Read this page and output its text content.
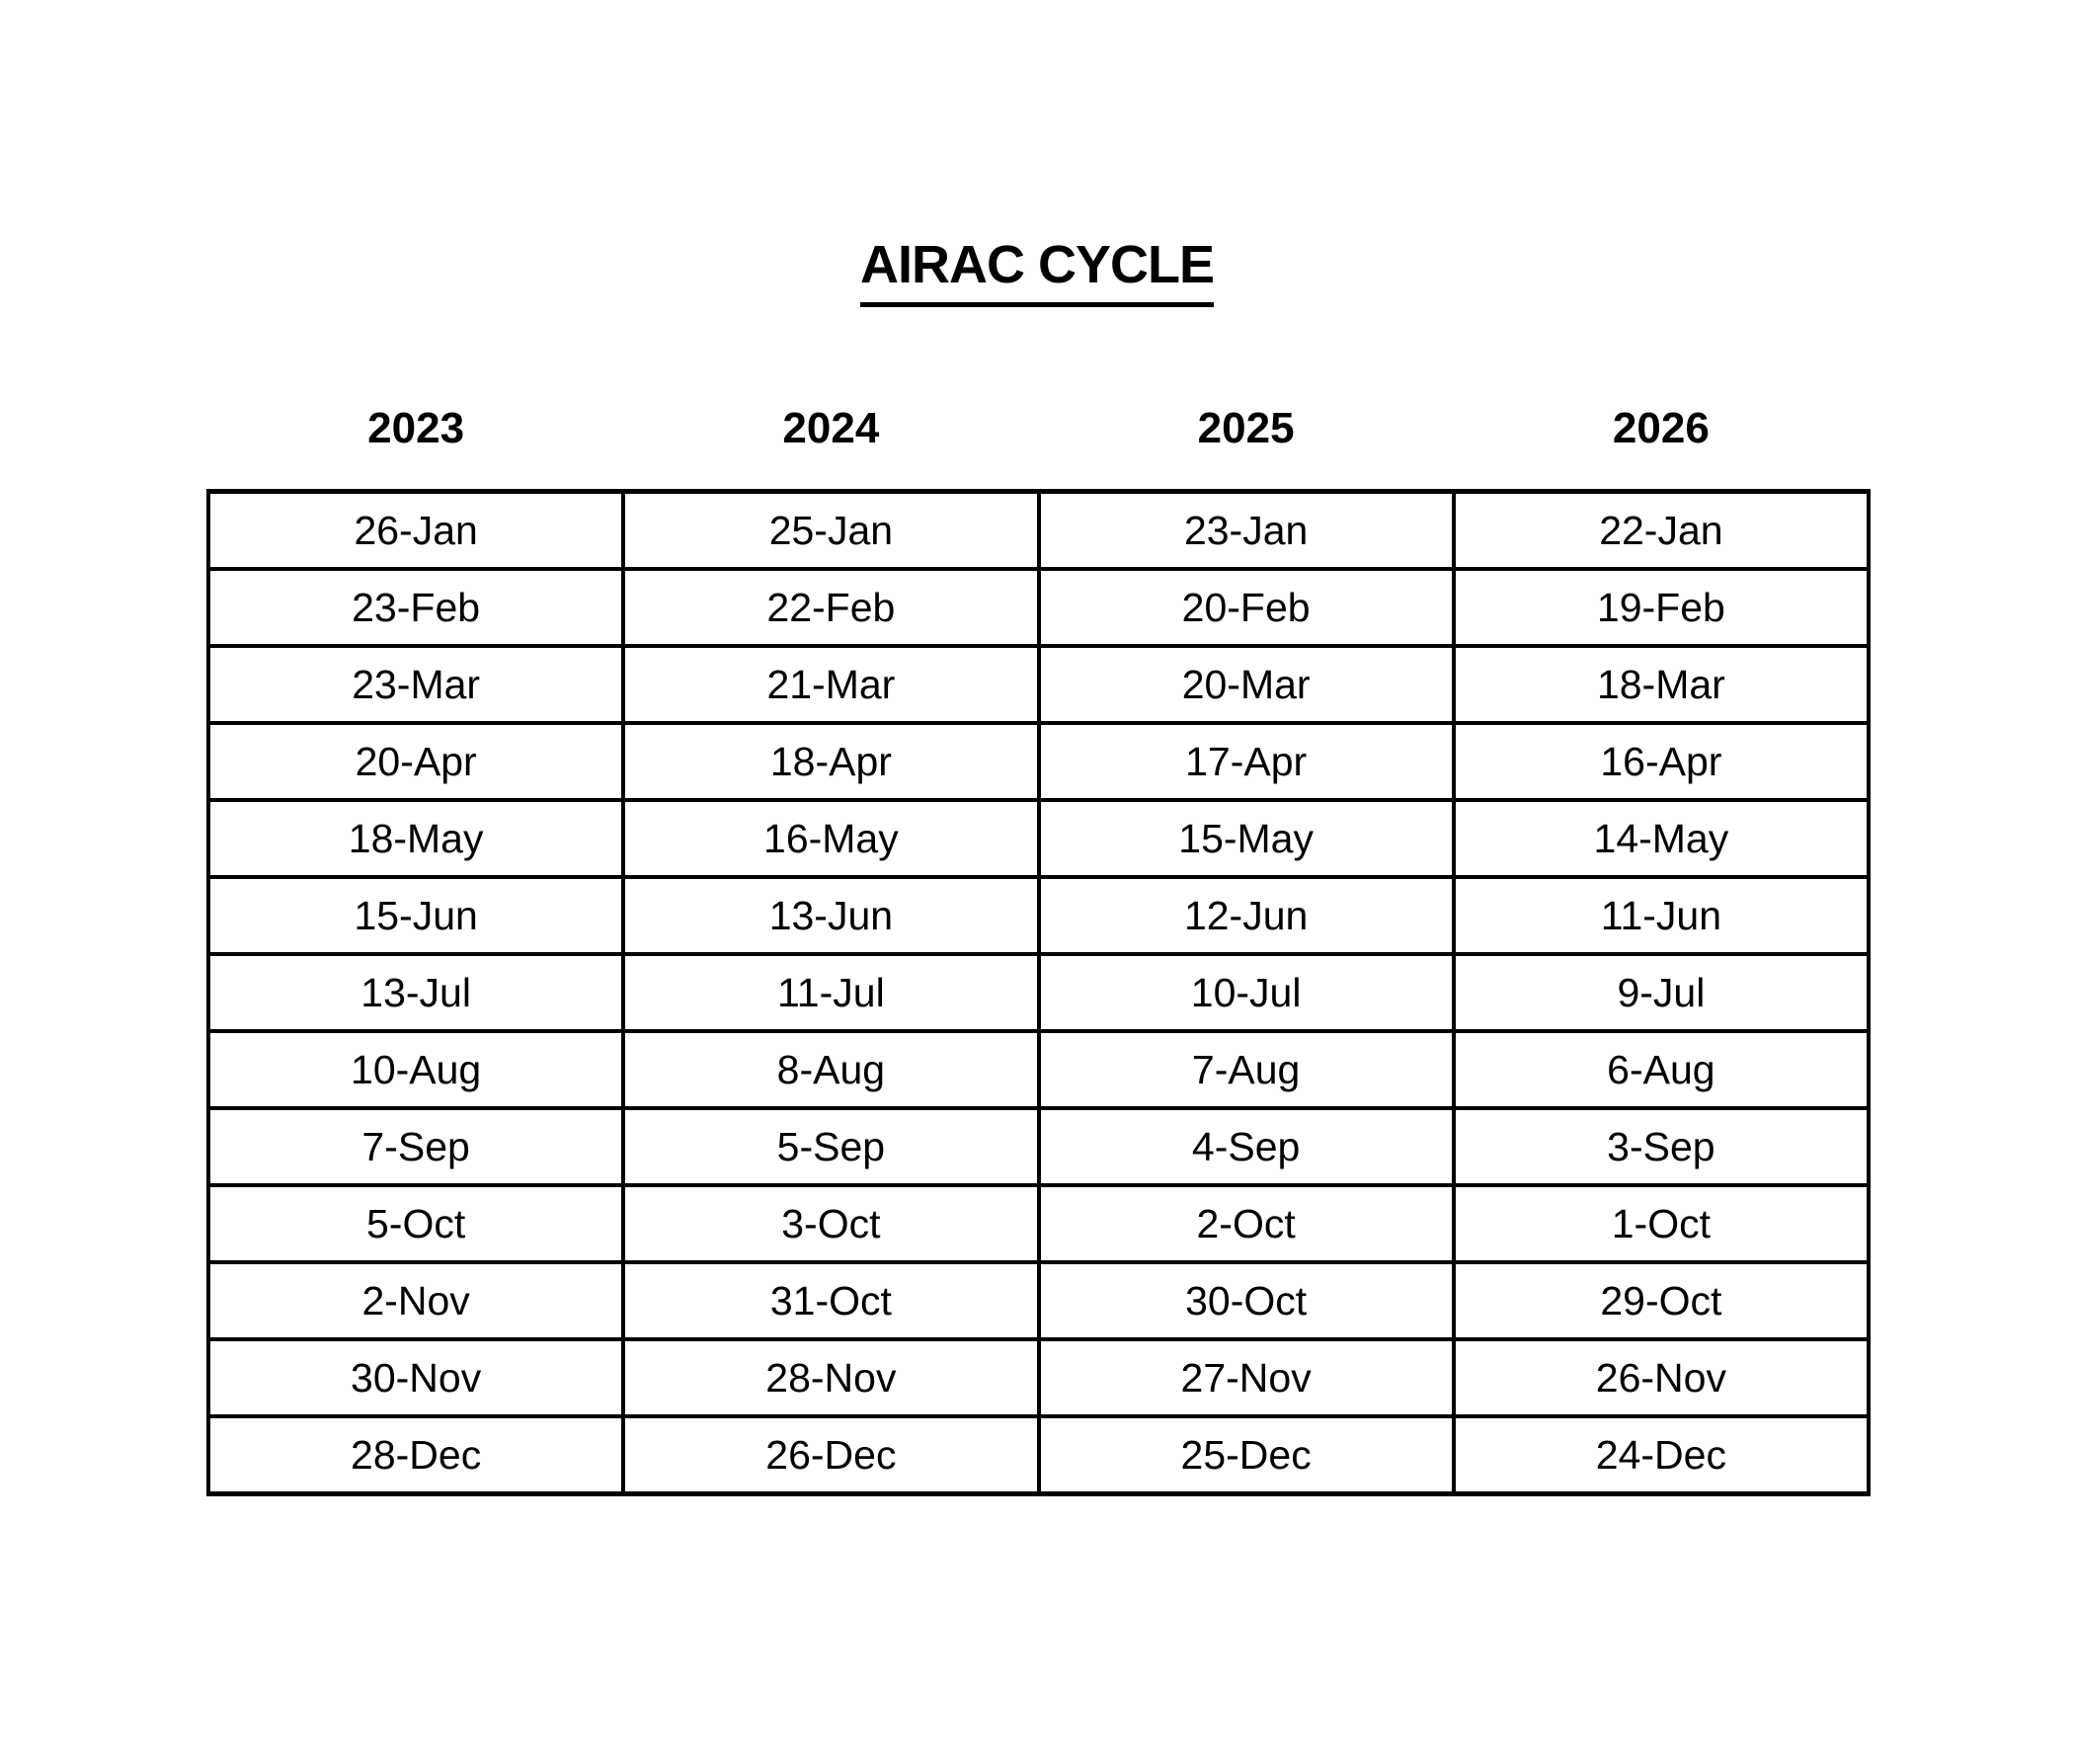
AIRAC CYCLE
2023	2024	2025	2026
26-Jan	25-Jan	23-Jan	22-Jan
23-Feb	22-Feb	20-Feb	19-Feb
23-Mar	21-Mar	20-Mar	18-Mar
20-Apr	18-Apr	17-Apr	16-Apr
18-May	16-May	15-May	14-May
15-Jun	13-Jun	12-Jun	11-Jun
13-Jul	11-Jul	10-Jul	9-Jul
10-Aug	8-Aug	7-Aug	6-Aug
7-Sep	5-Sep	4-Sep	3-Sep
5-Oct	3-Oct	2-Oct	1-Oct
2-Nov	31-Oct	30-Oct	29-Oct
30-Nov	28-Nov	27-Nov	26-Nov
28-Dec	26-Dec	25-Dec	24-Dec
